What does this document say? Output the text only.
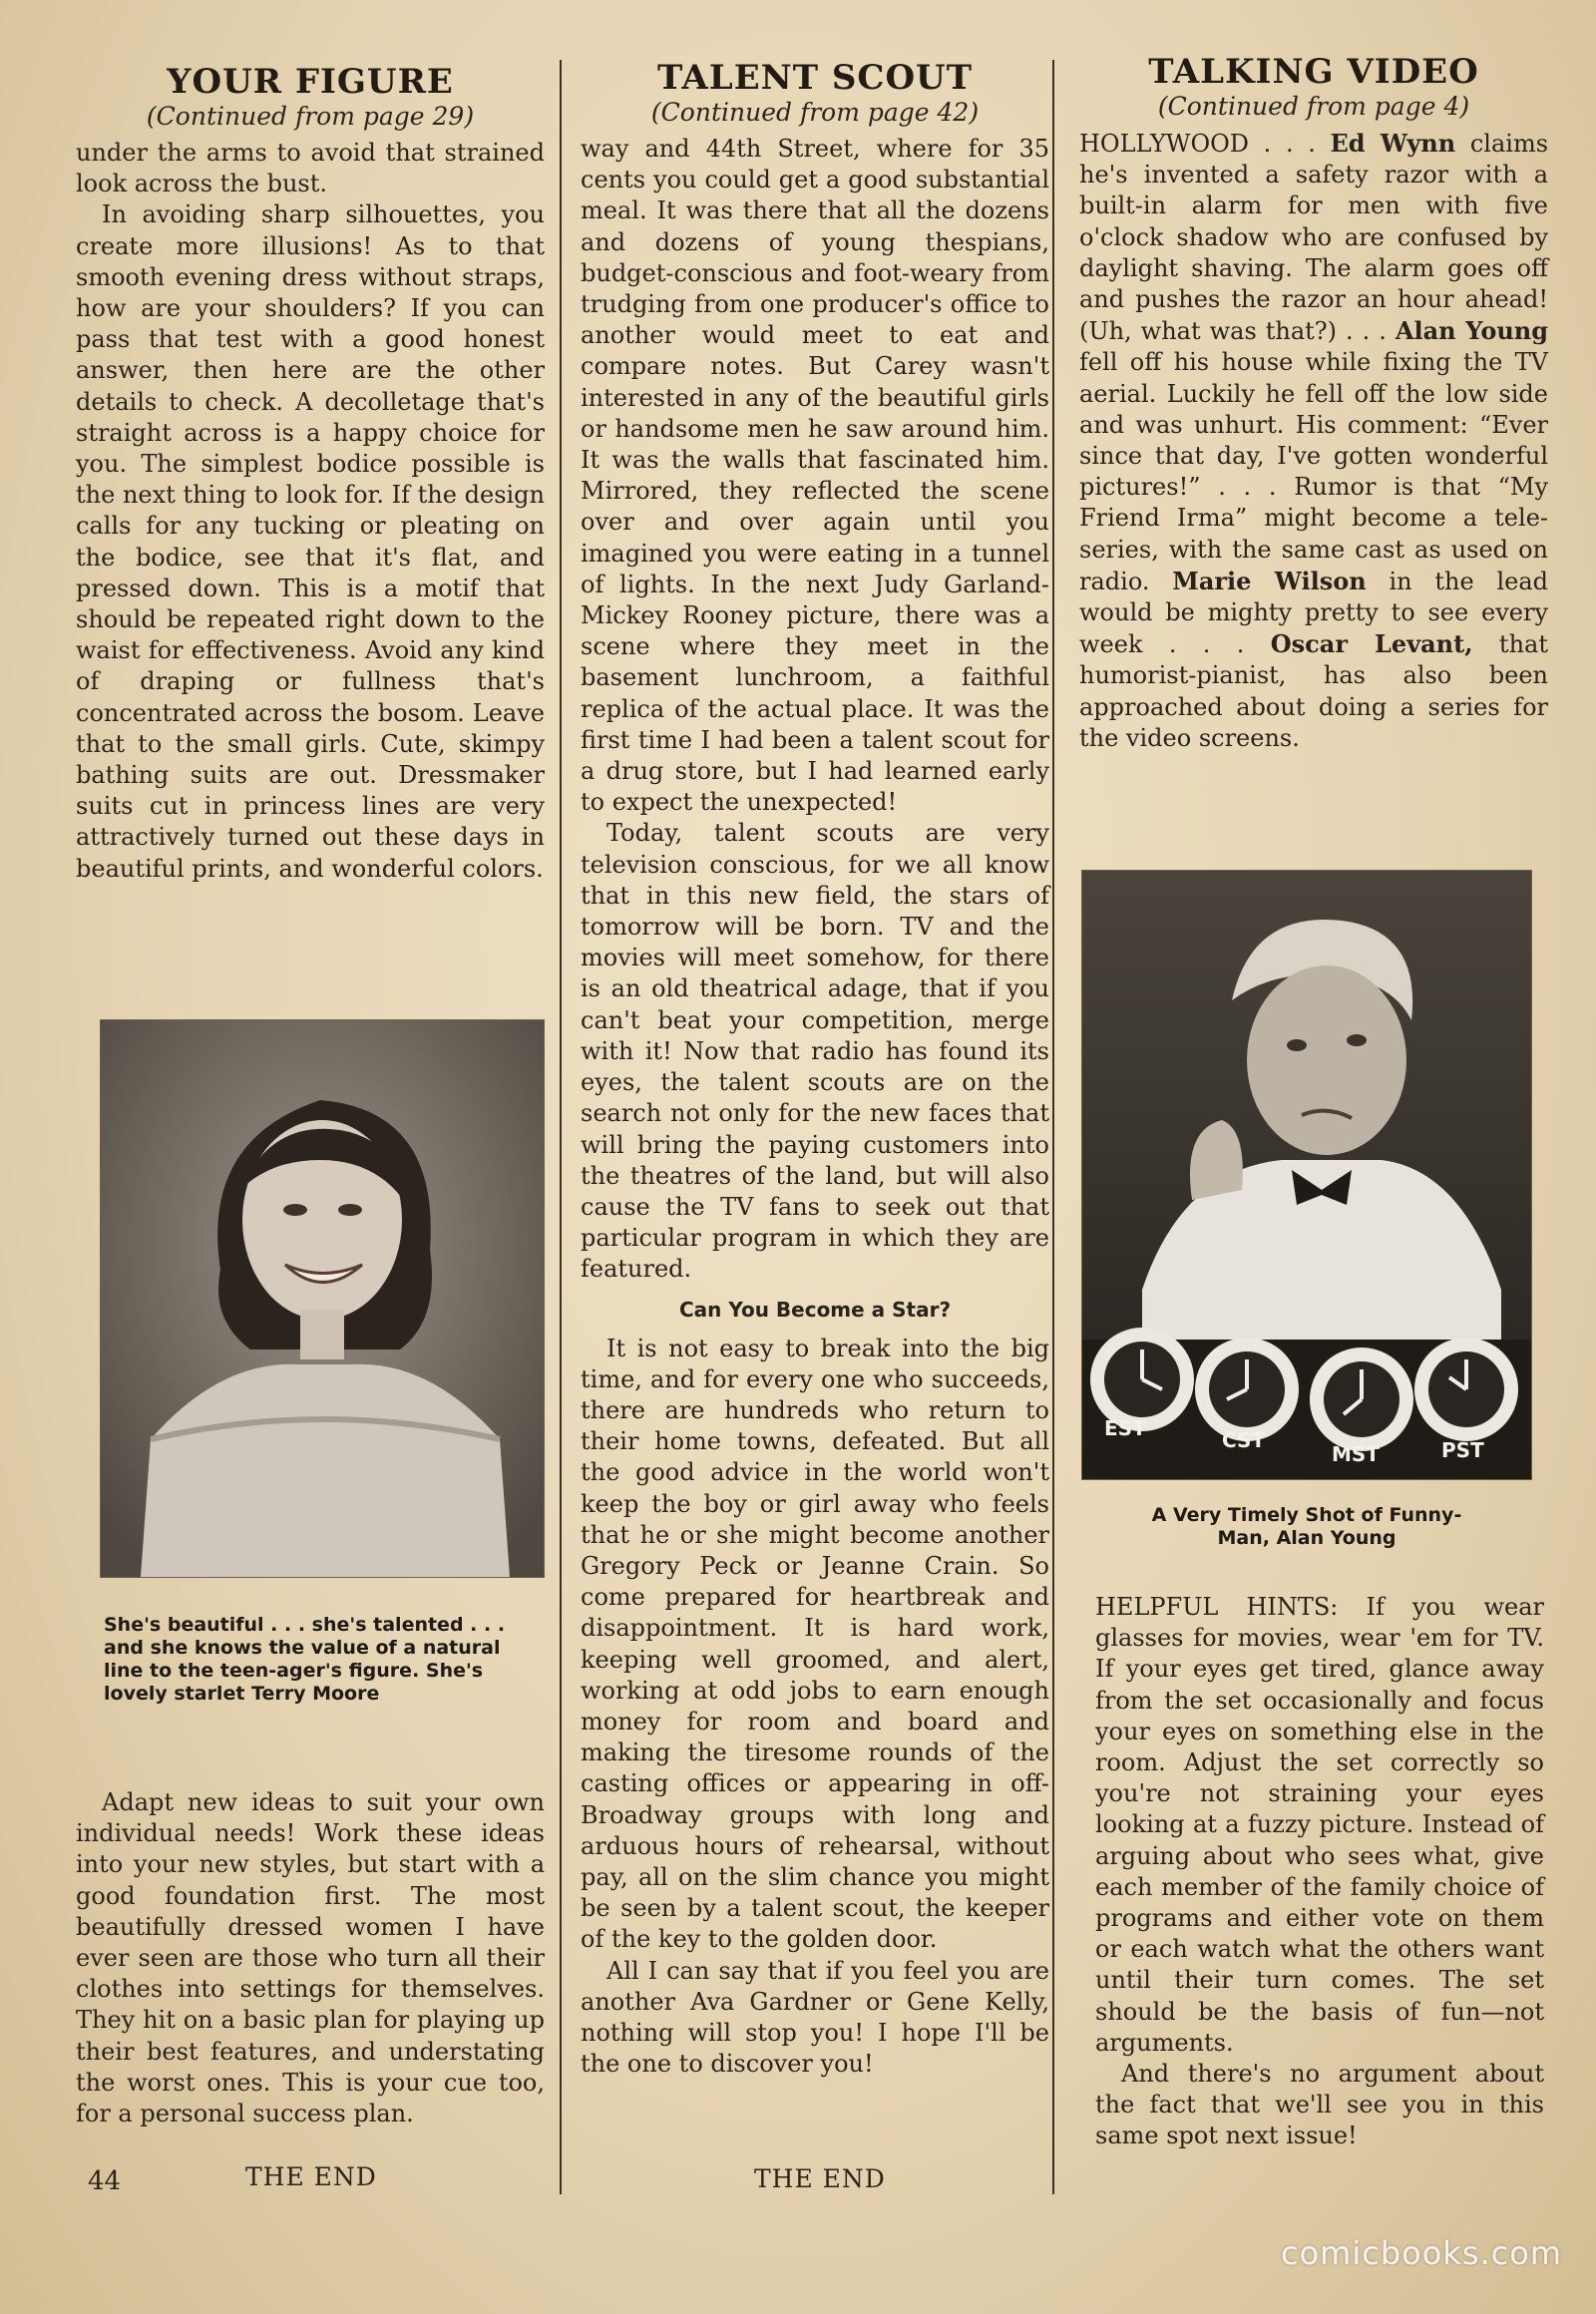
YOUR FIGURE
(Continued from page 29)

under the arms to avoid that strained look across the bust.

In avoiding sharp silhouettes, you create more illusions! As to that smooth evening dress without straps, how are your shoulders? If you can pass that test with a good honest answer, then here are the other details to check. A decolletage that's straight across is a happy choice for you. The simplest bodice possible is the next thing to look for. If the design calls for any tucking or pleating on the bodice, see that it's flat, and pressed down. This is a motif that should be repeated right down to the waist for effectiveness. Avoid any kind of draping or fullness that's concentrated across the bosom. Leave that to the small girls. Cute, skimpy bathing suits are out. Dressmaker suits cut in princess lines are very attractively turned out these days in beautiful prints, and wonderful colors.

She's beautiful . . . she's talented . . . and she knows the value of a natural line to the teen-ager's figure. She's lovely starlet Terry Moore

Adapt new ideas to suit your own individual needs! Work these ideas into your new styles, but start with a good foundation first. The most beautifully dressed women I have ever seen are those who turn all their clothes into settings for themselves. They hit on a basic plan for playing up their best features, and understating the worst ones. This is your cue too, for a personal success plan.

THE END
TALENT SCOUT
(Continued from page 42)

way and 44th Street, where for 35 cents you could get a good substantial meal. It was there that all the dozens and dozens of young thespians, budget-conscious and foot-weary from trudging from one producer's office to another would meet to eat and compare notes. But Carey wasn't interested in any of the beautiful girls or handsome men he saw around him. It was the walls that fascinated him. Mirrored, they reflected the scene over and over again until you imagined you were eating in a tunnel of lights. In the next Judy Garland-Mickey Rooney picture, there was a scene where they meet in the basement lunchroom, a faithful replica of the actual place. It was the first time I had been a talent scout for a drug store, but I had learned early to expect the unexpected!

Today, talent scouts are very television conscious, for we all know that in this new field, the stars of tomorrow will be born. TV and the movies will meet somehow, for there is an old theatrical adage, that if you can't beat your competition, merge with it! Now that radio has found its eyes, the talent scouts are on the search not only for the new faces that will bring the paying customers into the theatres of the land, but will also cause the TV fans to seek out that particular program in which they are featured.

Can You Become a Star?

It is not easy to break into the big time, and for every one who succeeds, there are hundreds who return to their home towns, defeated. But all the good advice in the world won't keep the boy or girl away who feels that he or she might become another Gregory Peck or Jeanne Crain. So come prepared for heartbreak and disappointment. It is hard work, keeping well groomed, and alert, working at odd jobs to earn enough money for room and board and making the tiresome rounds of the casting offices or appearing in off-Broadway groups with long and arduous hours of rehearsal, without pay, all on the slim chance you might be seen by a talent scout, the keeper of the key to the golden door.

All I can say that if you feel you are another Ava Gardner or Gene Kelly, nothing will stop you! I hope I'll be the one to discover you!

THE END
TALKING VIDEO
(Continued from page 4)

HOLLYWOOD . . . Ed Wynn claims he's invented a safety razor with a built-in alarm for men with five o'clock shadow who are confused by daylight shaving. The alarm goes off and pushes the razor an hour ahead! (Uh, what was that?) . . . Alan Young fell off his house while fixing the TV aerial. Luckily he fell off the low side and was unhurt. His comment: “Ever since that day, I've gotten wonderful pictures!” . . . Rumor is that “My Friend Irma” might become a tele-series, with the same cast as used on radio. Marie Wilson in the lead would be mighty pretty to see every week . . . Oscar Levant, that humorist-pianist, has also been approached about doing a series for the video screens.

EST	CST
MST	PST
A Very Timely Shot of Funny-Man, Alan Young

HELPFUL HINTS: If you wear glasses for movies, wear 'em for TV. If your eyes get tired, glance away from the set occasionally and focus your eyes on something else in the room. Adjust the set correctly so you're not straining your eyes looking at a fuzzy picture. Instead of arguing about who sees what, give each member of the family choice of programs and either vote on them or each watch what the others want until their turn comes. The set should be the basis of fun—not arguments.

And there's no argument about the fact that we'll see you in this same spot next issue!

44
comicbooks.com
